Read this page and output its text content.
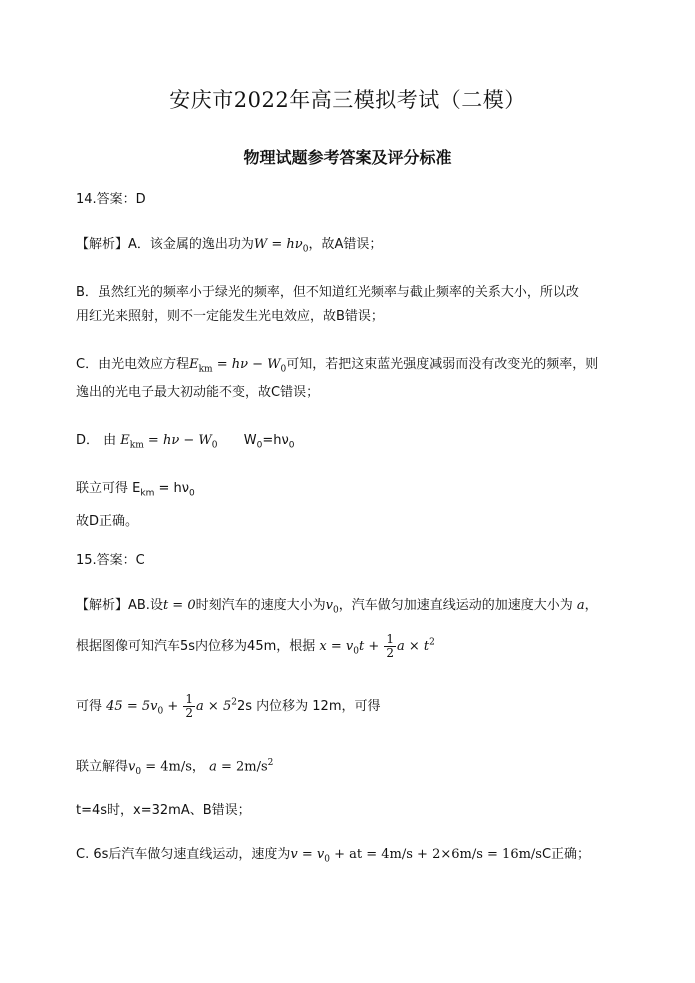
安庆市2022年高三模拟考试（二模）
物理试题参考答案及评分标准
14.答案：D
【解析】A．该金属的逸出功为$W = h\nu_0$，故A错误；
B．虽然红光的频率小于绿光的频率，但不知道红光频率与截止频率的关系大小，所以改
用红光来照射，则不一定能发生光电效应，故B错误；
C．由光电效应方程$E_{km} = h\nu - W_0$可知，若把这束蓝光强度减弱而没有改变光的频率，则
逸出的光电子最大初动能不变，故C错误；
D． 由 $E_{km} = h\nu - W_0$ $W_0=h\nu_0$
联立可得 $E_{km} = h\nu_0$
故D正确。
15.答案：C
【解析】AB.设t = 0时刻汽车的速度大小为$v_0$，汽车做匀加速直线运动的加速度大小为 a，
根据图像可知汽车5s内位移为45m，根据 $x = v_0t + \frac{1}{2}$ $a \times t^2$
可得 $45 = 5v_0 + \frac{1}{2}$ $a \times 5^22s$ 内位移为 12m，可得
联立解得$v_0 = 4m/s$， $a = 2m/s^2$
t=4s时，x=32mA、B错误；
C. 6s后汽车做匀速直线运动，速度为$v = v_0$ + at = 4m/s + 2×6m/s = 16m/sC正确；
